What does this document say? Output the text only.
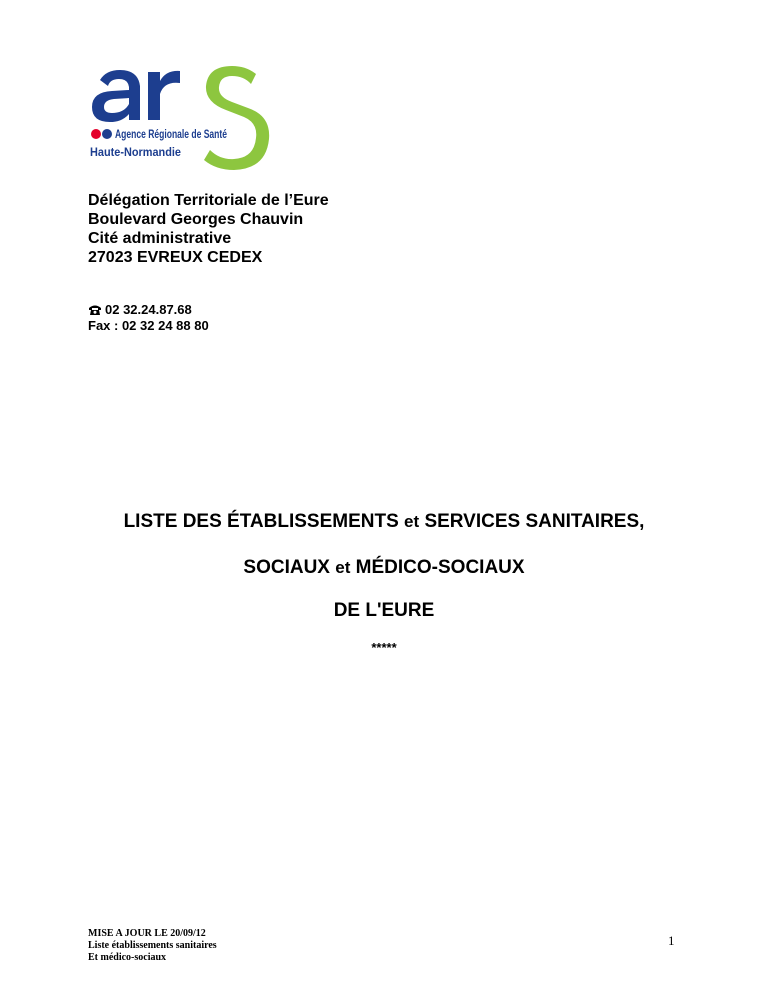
Agence Régionale de Santé
Haute-Normandie
Délégation Territoriale de l’Eure
Boulevard Georges Chauvin
Cité administrative
27023 EVREUX CEDEX
02 32.24.87.68
Fax : 02 32 24 88 80
LISTE DES ÉTABLISSEMENTS et SERVICES SANITAIRES,
SOCIAUX et MÉDICO-SOCIAUX
DE L'EURE
*****
MISE A JOUR LE 20/09/12
Liste établissements sanitaires
Et médico-sociaux
1
